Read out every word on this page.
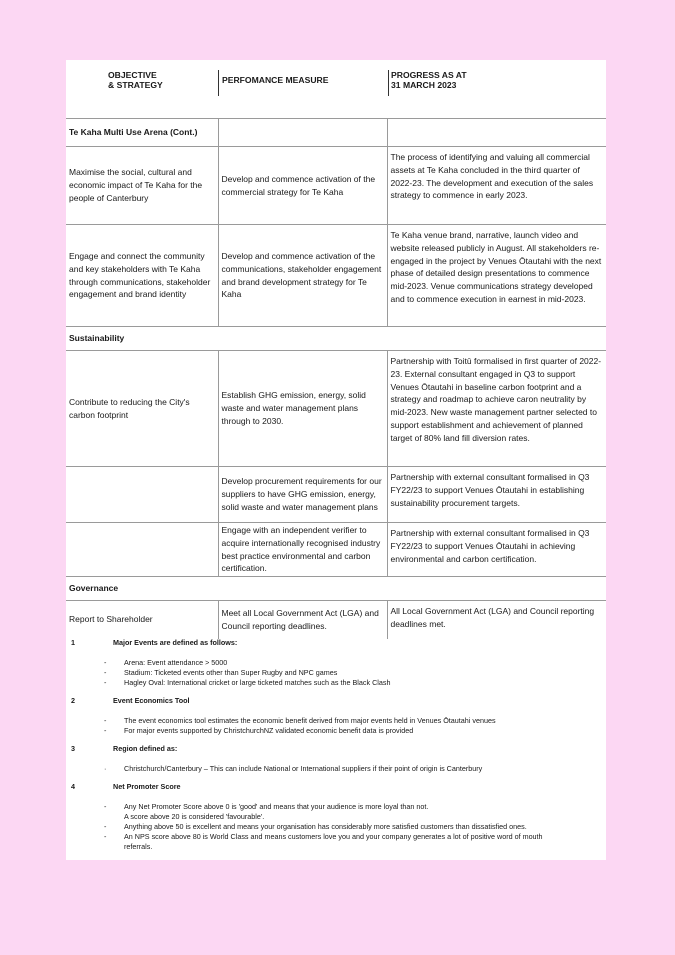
OBJECTIVE
& STRATEGY	PERFOMANCE MEASURE	PROGRESS AS AT
31 MARCH 2023
Te Kaha Multi Use Arena (Cont.)		
Maximise the social, cultural and economic impact of Te Kaha for the people of Canterbury	Develop and commence activation of the commercial strategy for Te Kaha	The process of identifying and valuing all commercial assets at Te Kaha concluded in the third quarter of 2022-23. The development and execution of the sales strategy to commence in early 2023.
Engage and connect the community and key stakeholders with Te Kaha through communications, stakeholder engagement and brand identity	Develop and commence activation of the communications, stakeholder engagement and brand development strategy for Te Kaha	Te Kaha venue brand, narrative, launch video and website released publicly in August. All stakeholders re-engaged in the project by Venues Ōtautahi with the next phase of detailed design presentations to commence mid-2023. Venue communications strategy developed and to commence execution in earnest in mid-2023.
Sustainability		
Contribute to reducing the City's carbon footprint	Establish GHG emission, energy, solid waste and water management plans through to 2030.	Partnership with Toitū formalised in first quarter of 2022-23. External consultant engaged in Q3 to support Venues Ōtautahi in baseline carbon footprint and a strategy and roadmap to achieve caron neutrality by mid-2023. New waste management partner selected to support establishment and achievement of planned target of 80% land fill diversion rates.
	Develop procurement requirements for our suppliers to have GHG emission, energy, solid waste and water management plans	Partnership with external consultant formalised in Q3 FY22/23 to support Venues Ōtautahi in establishing sustainability procurement targets.
	Engage with an independent verifier to acquire internationally recognised industry best practice environmental and carbon certification.	Partnership with external consultant formalised in Q3 FY22/23 to support Venues Ōtautahi in achieving environmental and carbon certification.
Governance		
Report to Shareholder	Meet all Local Government Act (LGA) and Council reporting deadlines.	All Local Government Act (LGA) and Council reporting deadlines met.
1	Major Events are defined as follows:
- Arena: Event attendance > 5000
- Stadium: Ticketed events other than Super Rugby and NPC games
- Hagley Oval: International cricket or large ticketed matches such as the Black Clash
2	Event Economics Tool
- The event economics tool estimates the economic benefit derived from major events held in Venues Ōtautahi venues
- For major events supported by ChristchurchNZ validated economic benefit data is provided
3	Region defined as:
· Christchurch/Canterbury – This can include National or International suppliers if their point of origin is Canterbury
4	Net Promoter Score
- Any Net Promoter Score above 0 is 'good' and means that your audience is more loyal than not.
A score above 20 is considered 'favourable'.
- Anything above 50 is excellent and means your organisation has considerably more satisfied customers than dissatisfied ones.
- An NPS score above 80 is World Class and means customers love you and your company generates a lot of positive word of mouth
referrals.
